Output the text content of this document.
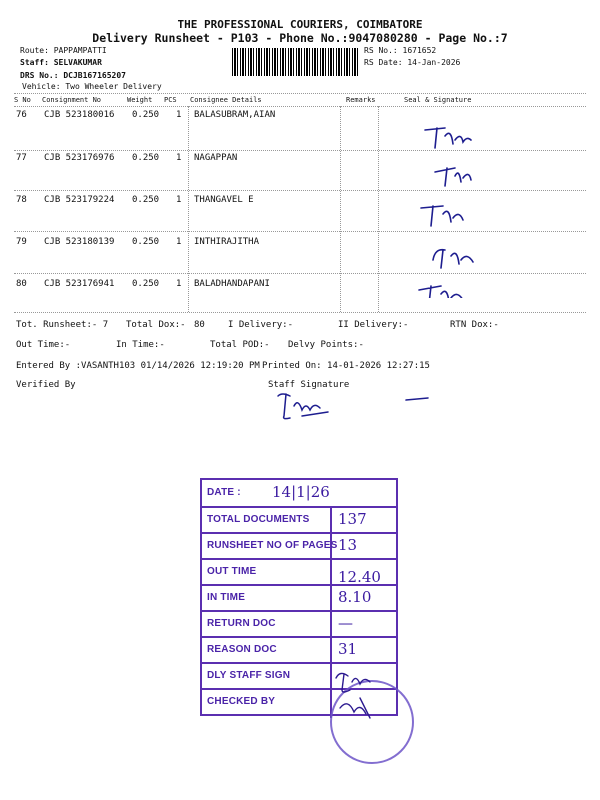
THE PROFESSIONAL COURIERS, COIMBATORE
Delivery Runsheet - P103 - Phone No.:9047080280 - Page No.:7
Route: PAPPAMPATTI
Staff: SELVAKUMAR
DRS No.: DCJB167165207
Vehicle: Two Wheeler Delivery
RS No.: 1671652
RS Date: 14-Jan-2026
S No Consignment No	Weight PCS Consignee Details	Remarks	Seal & Signature
76 CJB 523180016 0.250 1 BALASUBRAM,AIAN
77 CJB 523176976 0.250 1 NAGAPPAN
78 CJB 523179224 0.250 1 THANGAVEL E
79 CJB 523180139 0.250 1 INTHIRAJITHA
80 CJB 523176941 0.250 1 BALADHANDAPANI
Tot. Runsheet:- 7 Total Dox:- 80	I Delivery:-	II Delivery:-	RTN Dox:-
Out Time:-	In Time:-	Total POD:- Delvy Points:-
Entered By :VASANTH103 01/14/2026 12:19:20 PM Printed On: 14-01-2026 12:27:15
Verified By	Staff Signature
DATE : 14|1|26
TOTAL DOCUMENTS 137
RUNSHEET NO OF PAGES 13
OUT TIME	12.40
IN TIME	8.10
RETURN DOC	—
REASON DOC	31
DLY STAFF SIGN
CHECKED BY
